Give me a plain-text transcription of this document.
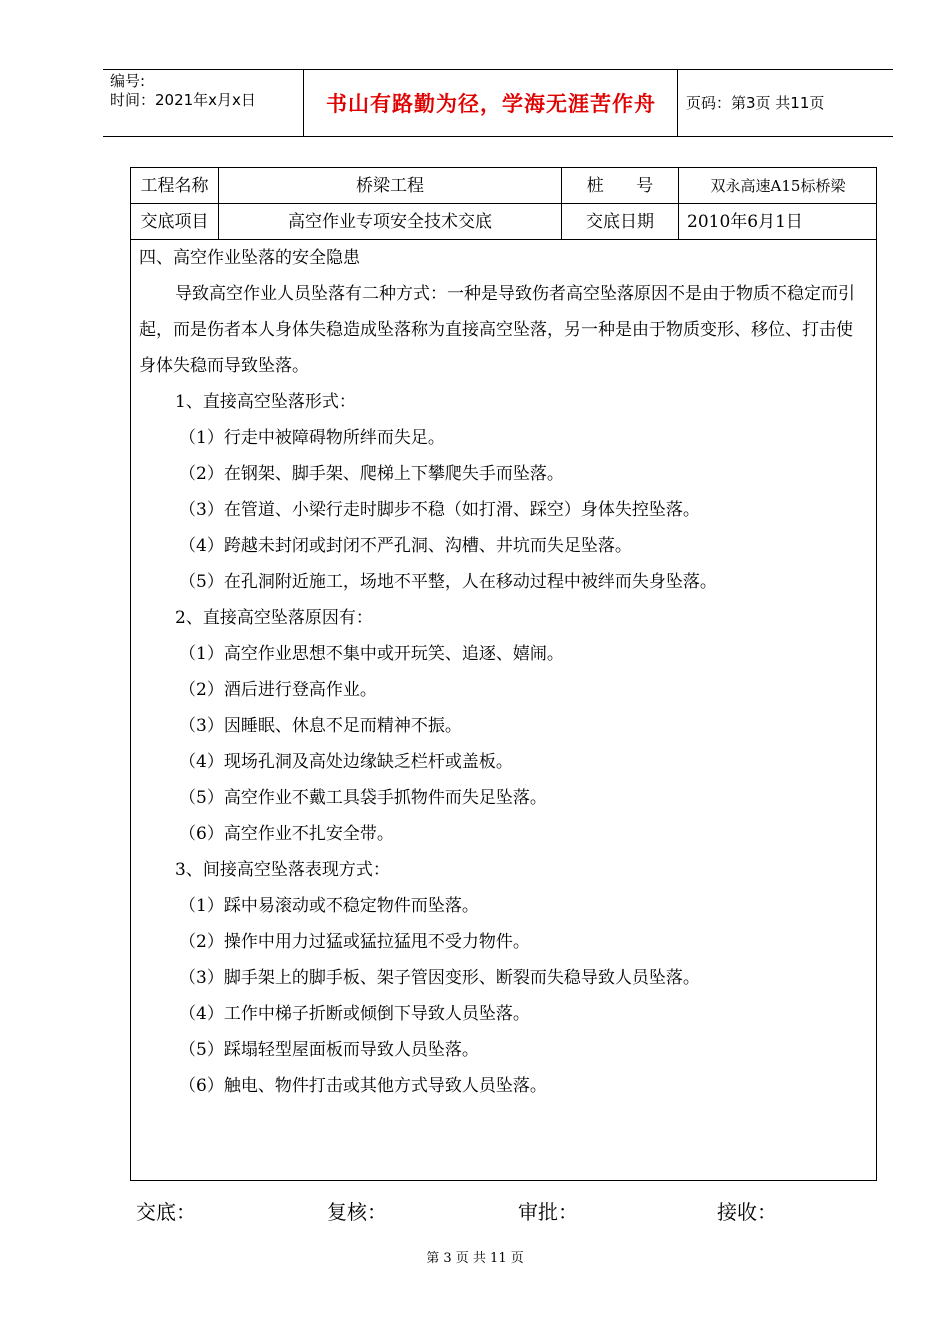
编号:
时间：2021年x月x日	书山有路勤为径，学海无涯苦作舟	页码：第3页 共11页
工程名称	桥梁工程	桩      号	双永高速A15标桥梁
交底项目	高空作业专项安全技术交底	交底日期	2010年6月1日

四、高空作业坠落的安全隐患

导致高空作业人员坠落有二种方式：一种是导致伤者高空坠落原因不是由于物质不稳定而引起，而是伤者本人身体失稳造成坠落称为直接高空坠落，另一种是由于物质变形、移位、打击使身体失稳而导致坠落。

1、直接高空坠落形式：

（1）行走中被障碍物所绊而失足。

（2）在钢架、脚手架、爬梯上下攀爬失手而坠落。

（3）在管道、小梁行走时脚步不稳（如打滑、踩空）身体失控坠落。

（4）跨越未封闭或封闭不严孔洞、沟槽、井坑而失足坠落。

（5）在孔洞附近施工，场地不平整，人在移动过程中被绊而失身坠落。

2、直接高空坠落原因有：

（1）高空作业思想不集中或开玩笑、追逐、嬉闹。

（2）酒后进行登高作业。

（3）因睡眠、休息不足而精神不振。

（4）现场孔洞及高处边缘缺乏栏杆或盖板。

（5）高空作业不戴工具袋手抓物件而失足坠落。

（6）高空作业不扎安全带。

3、间接高空坠落表现方式：

（1）踩中易滚动或不稳定物件而坠落。

（2）操作中用力过猛或猛拉猛甩不受力物件。

（3）脚手架上的脚手板、架子管因变形、断裂而失稳导致人员坠落。

（4）工作中梯子折断或倾倒下导致人员坠落。

（5）踩塌轻型屋面板而导致人员坠落。

（6）触电、物件打击或其他方式导致人员坠落。

交底：	复核：	审批：	接收：
第 3 页 共 11 页
